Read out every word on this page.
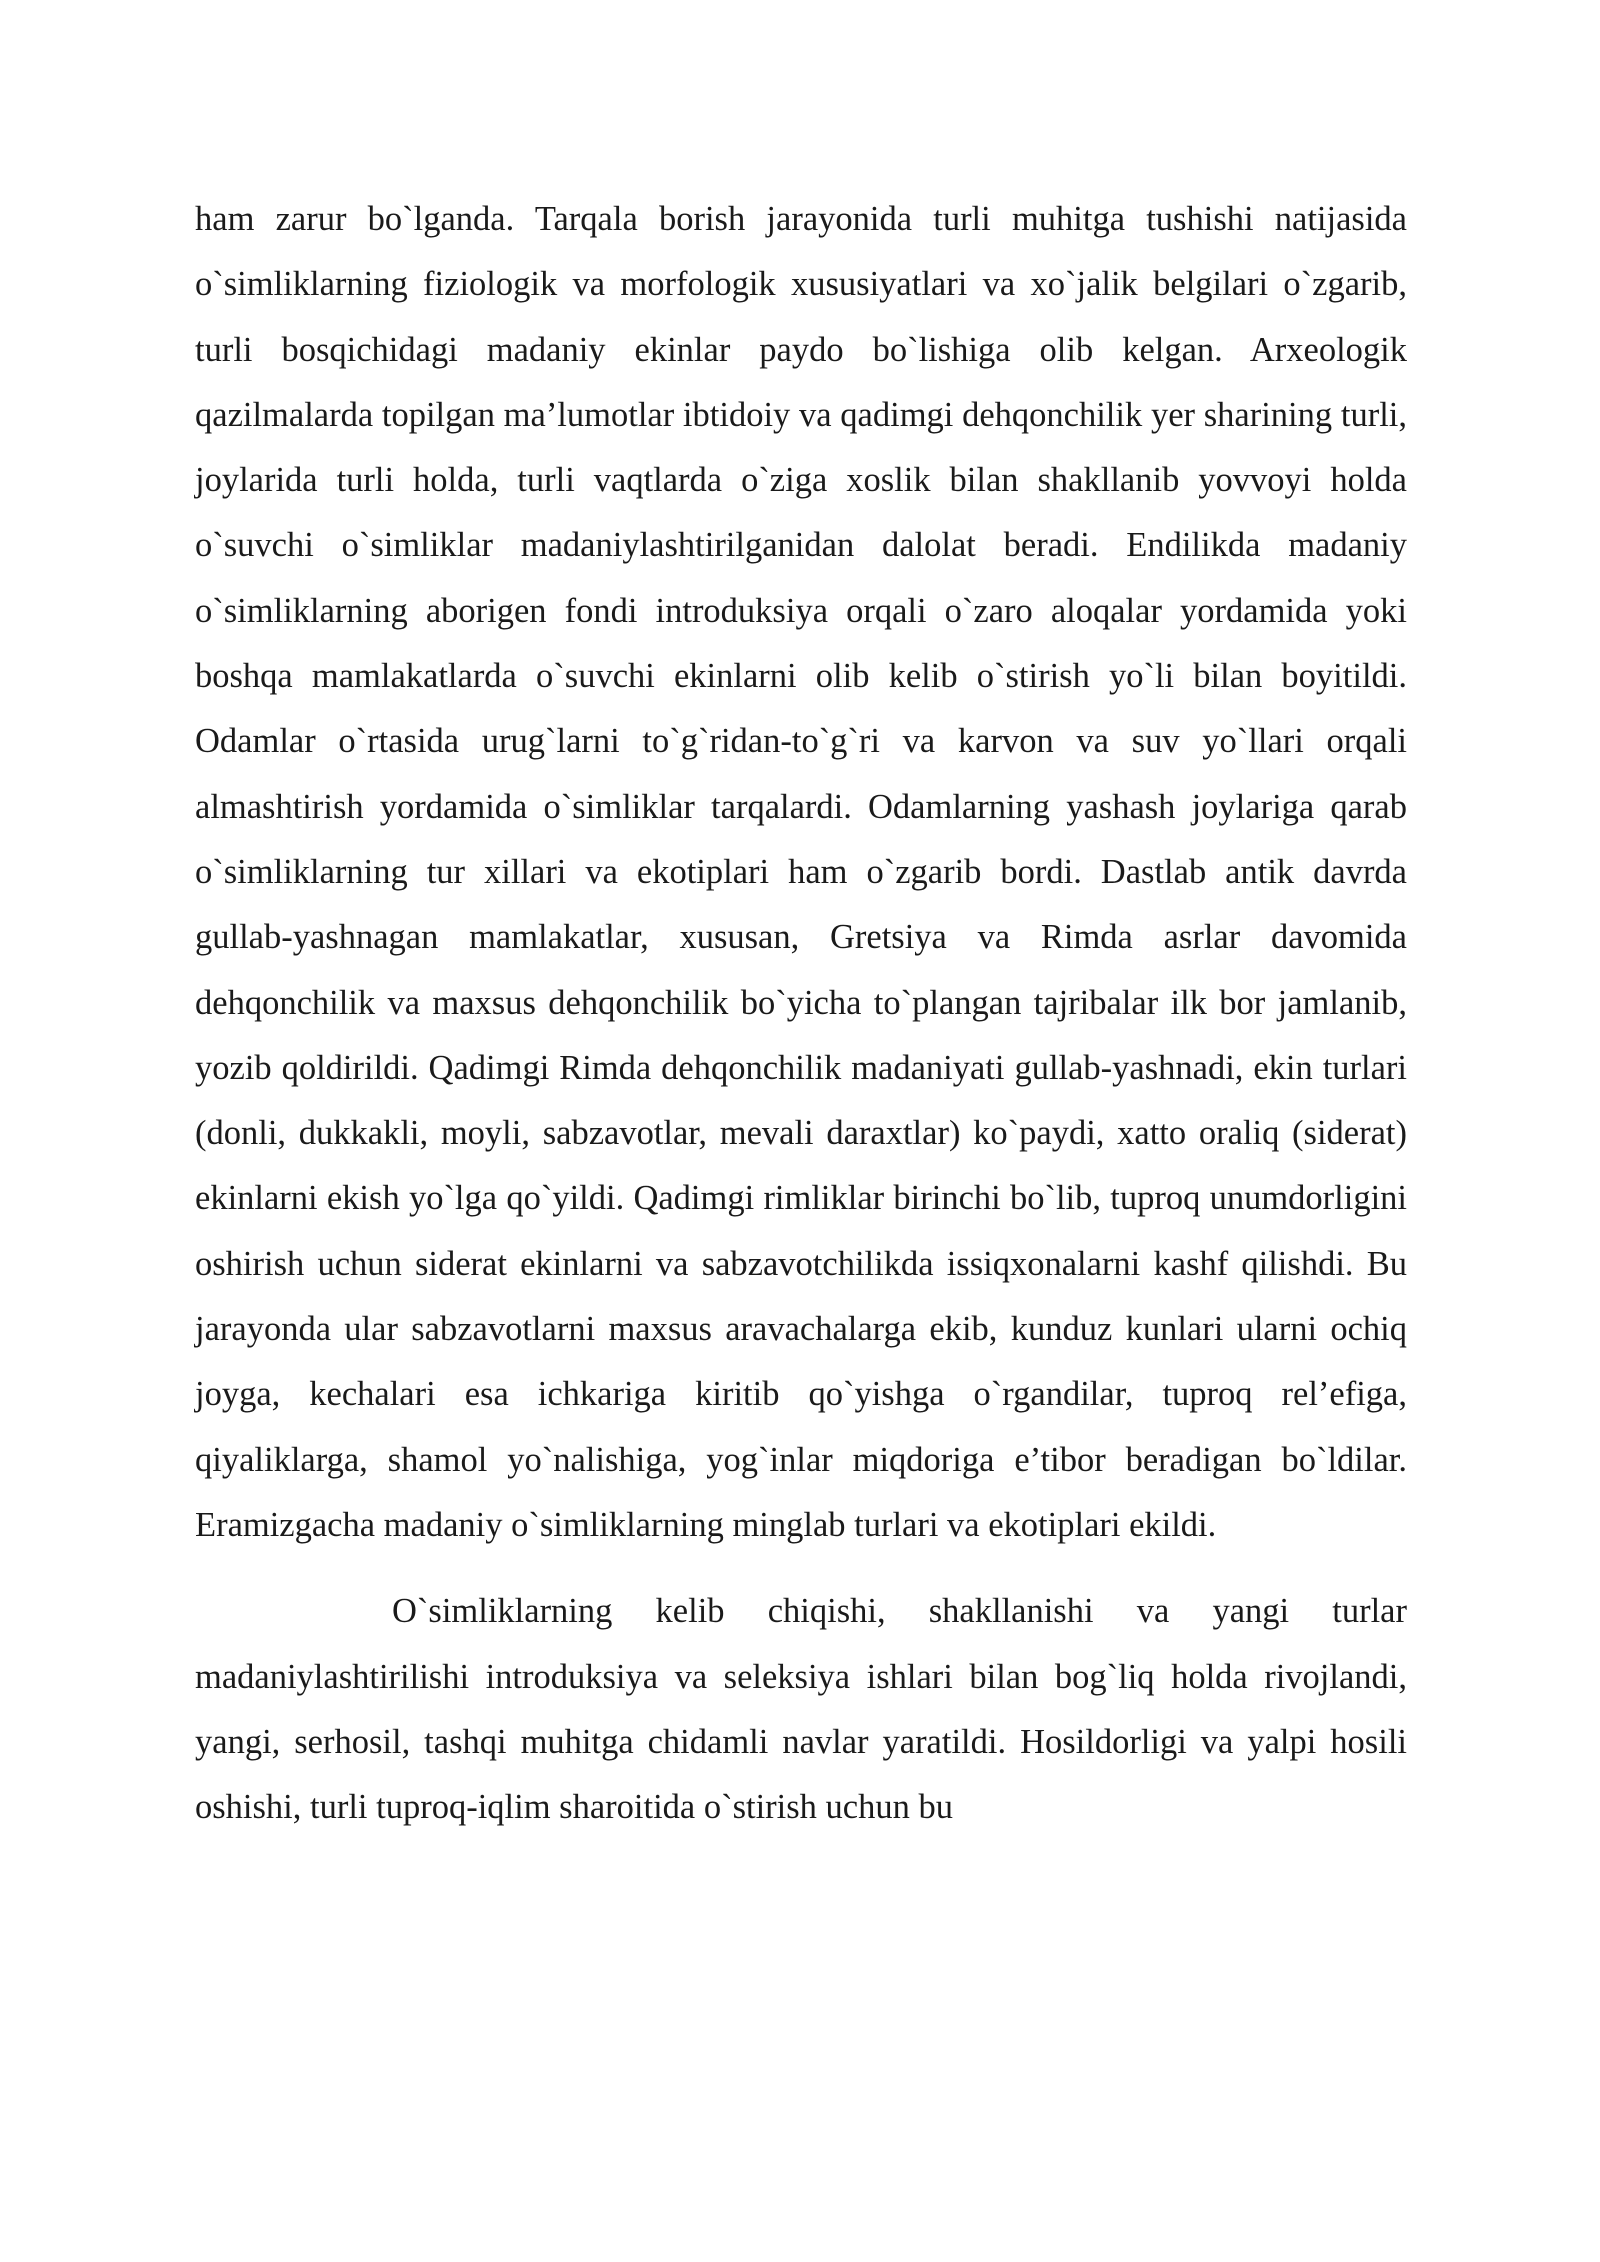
ham zarur bo`lganda. Tarqala borish jarayonida turli muhitga tushishi natijasida o`simliklarning fiziologik va morfologik xususiyatlari va xo`jalik belgilari o`zgarib, turli bosqichidagi madaniy ekinlar paydo bo`lishiga olib kelgan. Arxeologik qazilmalarda topilgan ma’lumotlar ibtidoiy va qadimgi dehqonchilik yer sharining turli, joylarida turli holda, turli vaqtlarda o`ziga xoslik bilan shakllanib yovvoyi holda o`suvchi o`simliklar madaniylashtirilganidan dalolat beradi. Endilikda madaniy o`simliklarning aborigen fondi introduksiya orqali o`zaro aloqalar yordamida yoki boshqa mamlakatlarda o`suvchi ekinlarni olib kelib o`stirish yo`li bilan boyitildi. Odamlar o`rtasida urug`larni to`g`ridan-to`g`ri va karvon va suv yo`llari orqali almashtirish yordamida o`simliklar tarqalardi. Odamlarning yashash joylariga qarab o`simliklarning tur xillari va ekotiplari ham o`zgarib bordi. Dastlab antik davrda gullab-yashnagan mamlakatlar, xususan, Gretsiya va Rimda asrlar davomida dehqonchilik va maxsus dehqonchilik bo`yicha to`plangan tajribalar ilk bor jamlanib, yozib qoldirildi. Qadimgi Rimda dehqonchilik madaniyati gullab-yashnadi, ekin turlari (donli, dukkakli, moyli, sabzavotlar, mevali daraxtlar) ko`paydi, xatto oraliq (siderat) ekinlarni ekish yo`lga qo`yildi. Qadimgi rimliklar birinchi bo`lib, tuproq unumdorligini oshirish uchun siderat ekinlarni va sabzavotchilikda issiqxonalarni kashf qilishdi. Bu jarayonda ular sabzavotlarni maxsus aravachalarga ekib, kunduz kunlari ularni ochiq joyga, kechalari esa ichkariga kiritib qo`yishga o`rgandilar, tuproq rel’efiga, qiyaliklarga, shamol yo`nalishiga, yog`inlar miqdoriga e’tibor beradigan bo`ldilar. Eramizgacha madaniy o`simliklarning minglab turlari va ekotiplari ekildi.

O`simliklarning kelib chiqishi, shakllanishi va yangi turlar madaniylashtirilishi introduksiya va seleksiya ishlari bilan bog`liq holda rivojlandi, yangi, serhosil, tashqi muhitga chidamli navlar yaratildi. Hosildorligi va yalpi hosili oshishi, turli tuproq-iqlim sharoitida o`stirish uchun bu
